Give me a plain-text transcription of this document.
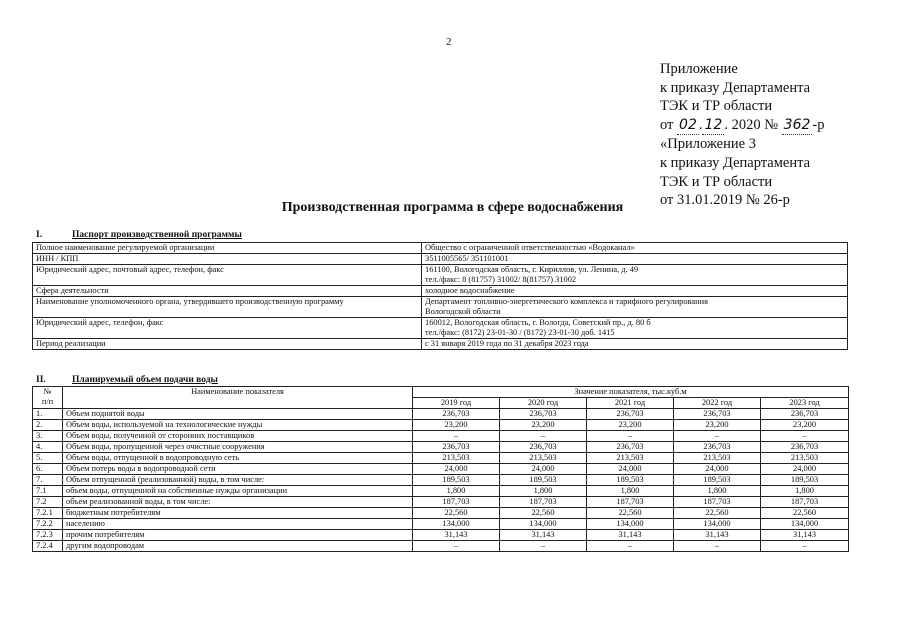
2
Приложение
к приказу Департамента
ТЭК и ТР области
от 02 . 12 . 2020 № 362 -р
«Приложение 3
к приказу Департамента
ТЭК и ТР области
от 31.01.2019 № 26-р
Производственная программа в сфере водоснабжения
I.	Паспорт производственной программы
Полное наименование регулируемой организации	Общество с ограниченной ответственностью «Водоканал»

ИНН / КПП	3511005565/ 351101001

Юридический адрес, почтовый адрес, телефон, факс	161100, Вологодская область, г. Кириллов, ул. Ленина, д. 49
тел./факс: 8 (81757) 31002/ 8(81757) 31002

Сфера деятельности	холодное водоснабжение

Наименование уполномоченного органа, утвердившего производственную программу	Департамент топливно-энергетического комплекса и тарифного регулирования
Вологодской области

Юридический адрес, телефон, факс	160012, Вологодская область, г. Вологда, Советский пр., д. 80 б
тел./факс: (8172) 23-01-30 / (8172) 23-01-30 доб. 1415

Период реализации	с 31 января 2019 года по 31 декабря 2023 года
II.	Планируемый объем подачи воды
№
п/п	Наименование показателя	Значение показателя, тыс.куб.м				
		2019 год	2020 год	2021 год	2022 год	2023 год
1.	Объем поднятой воды	236,703	236,703	236,703	236,703	236,703
2.	Объем воды, используемой на технологические нужды	23,200	23,200	23,200	23,200	23,200
3.	Объем воды, полученной от сторонних поставщиков	–	–	–	–	–
4.	Объем воды, пропущенной через очистные сооружения	236,703	236,703	236,703	236,703	236,703
5.	Объем воды, отпущенной в водопроводную сеть	213,503	213,503	213,503	213,503	213,503
6.	Объем потерь воды в водопроводной сети	24,000	24,000	24,000	24,000	24,000
7.	Объем отпущенной (реализованной) воды, в том числе:	189,503	189,503	189,503	189,503	189,503
7.1	объем воды, отпущенной на собственные нужды организации	1,800	1,800	1,800	1,800	1,800
7.2	объем реализованной воды, в том числе:	187,703	187,703	187,703	187,703	187,703
7.2.1	бюджетным потребителям	22,560	22,560	22,560	22,560	22,560
7.2.2	населению	134,000	134,000	134,000	134,000	134,000
7.2.3	прочим потребителям	31,143	31,143	31,143	31,143	31,143
7.2.4	другим водопроводам	–	–	–	–	–
